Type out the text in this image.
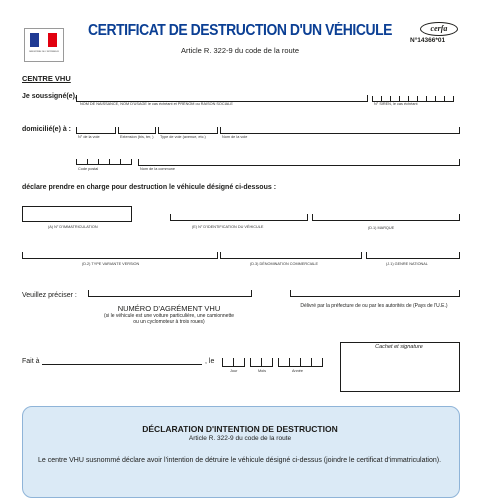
MINISTÈRE DE L'INTÉRIEUR
CERTIFICAT DE DESTRUCTION D'UN VÉHICULE
Article R. 322-9 du code de la route
cerfa
N°14366*01
CENTRE VHU
Je soussigné(e),
NOM DE NAISSANCE, NOM D'USAGE le cas échéant et PRÉNOM ou RAISON SOCIALE	N° SIREN, le cas échéant
domicilié(e) à :
N° de la voie	Extension (bis, ter, ) Type de voie (avenue, etc.)	Nom de la voie
Code postal	Nom de la commune
déclare prendre en charge pour destruction le véhicule désigné ci-dessous :
(A) N° D'IMMATRICULATION	(E) N° D'IDENTIFICATION DU VÉHICULE	(D.1) MARQUE
(D.2) TYPE VARIANTE VERSION	(D.3) DÉNOMINATION COMMERCIALE	(J.1) GENRE NATIONAL
Veuillez préciser :
NUMÉRO D'AGRÉMENT VHU
(si le véhicule est une voiture particulière, une camionnette
ou un cyclomoteur à trois roues)
Délivré par la préfecture de ou par les autorités de (Pays de l'U.E.)
Fait à	, le
Jour	Mois	Année
Cachet et signature
DÉCLARATION D'INTENTION DE DESTRUCTION
Article R. 322-9 du code de la route
Le centre VHU susnommé déclare avoir l'intention de détruire le véhicule désigné ci-dessus (joindre le certificat d'immatriculation).
